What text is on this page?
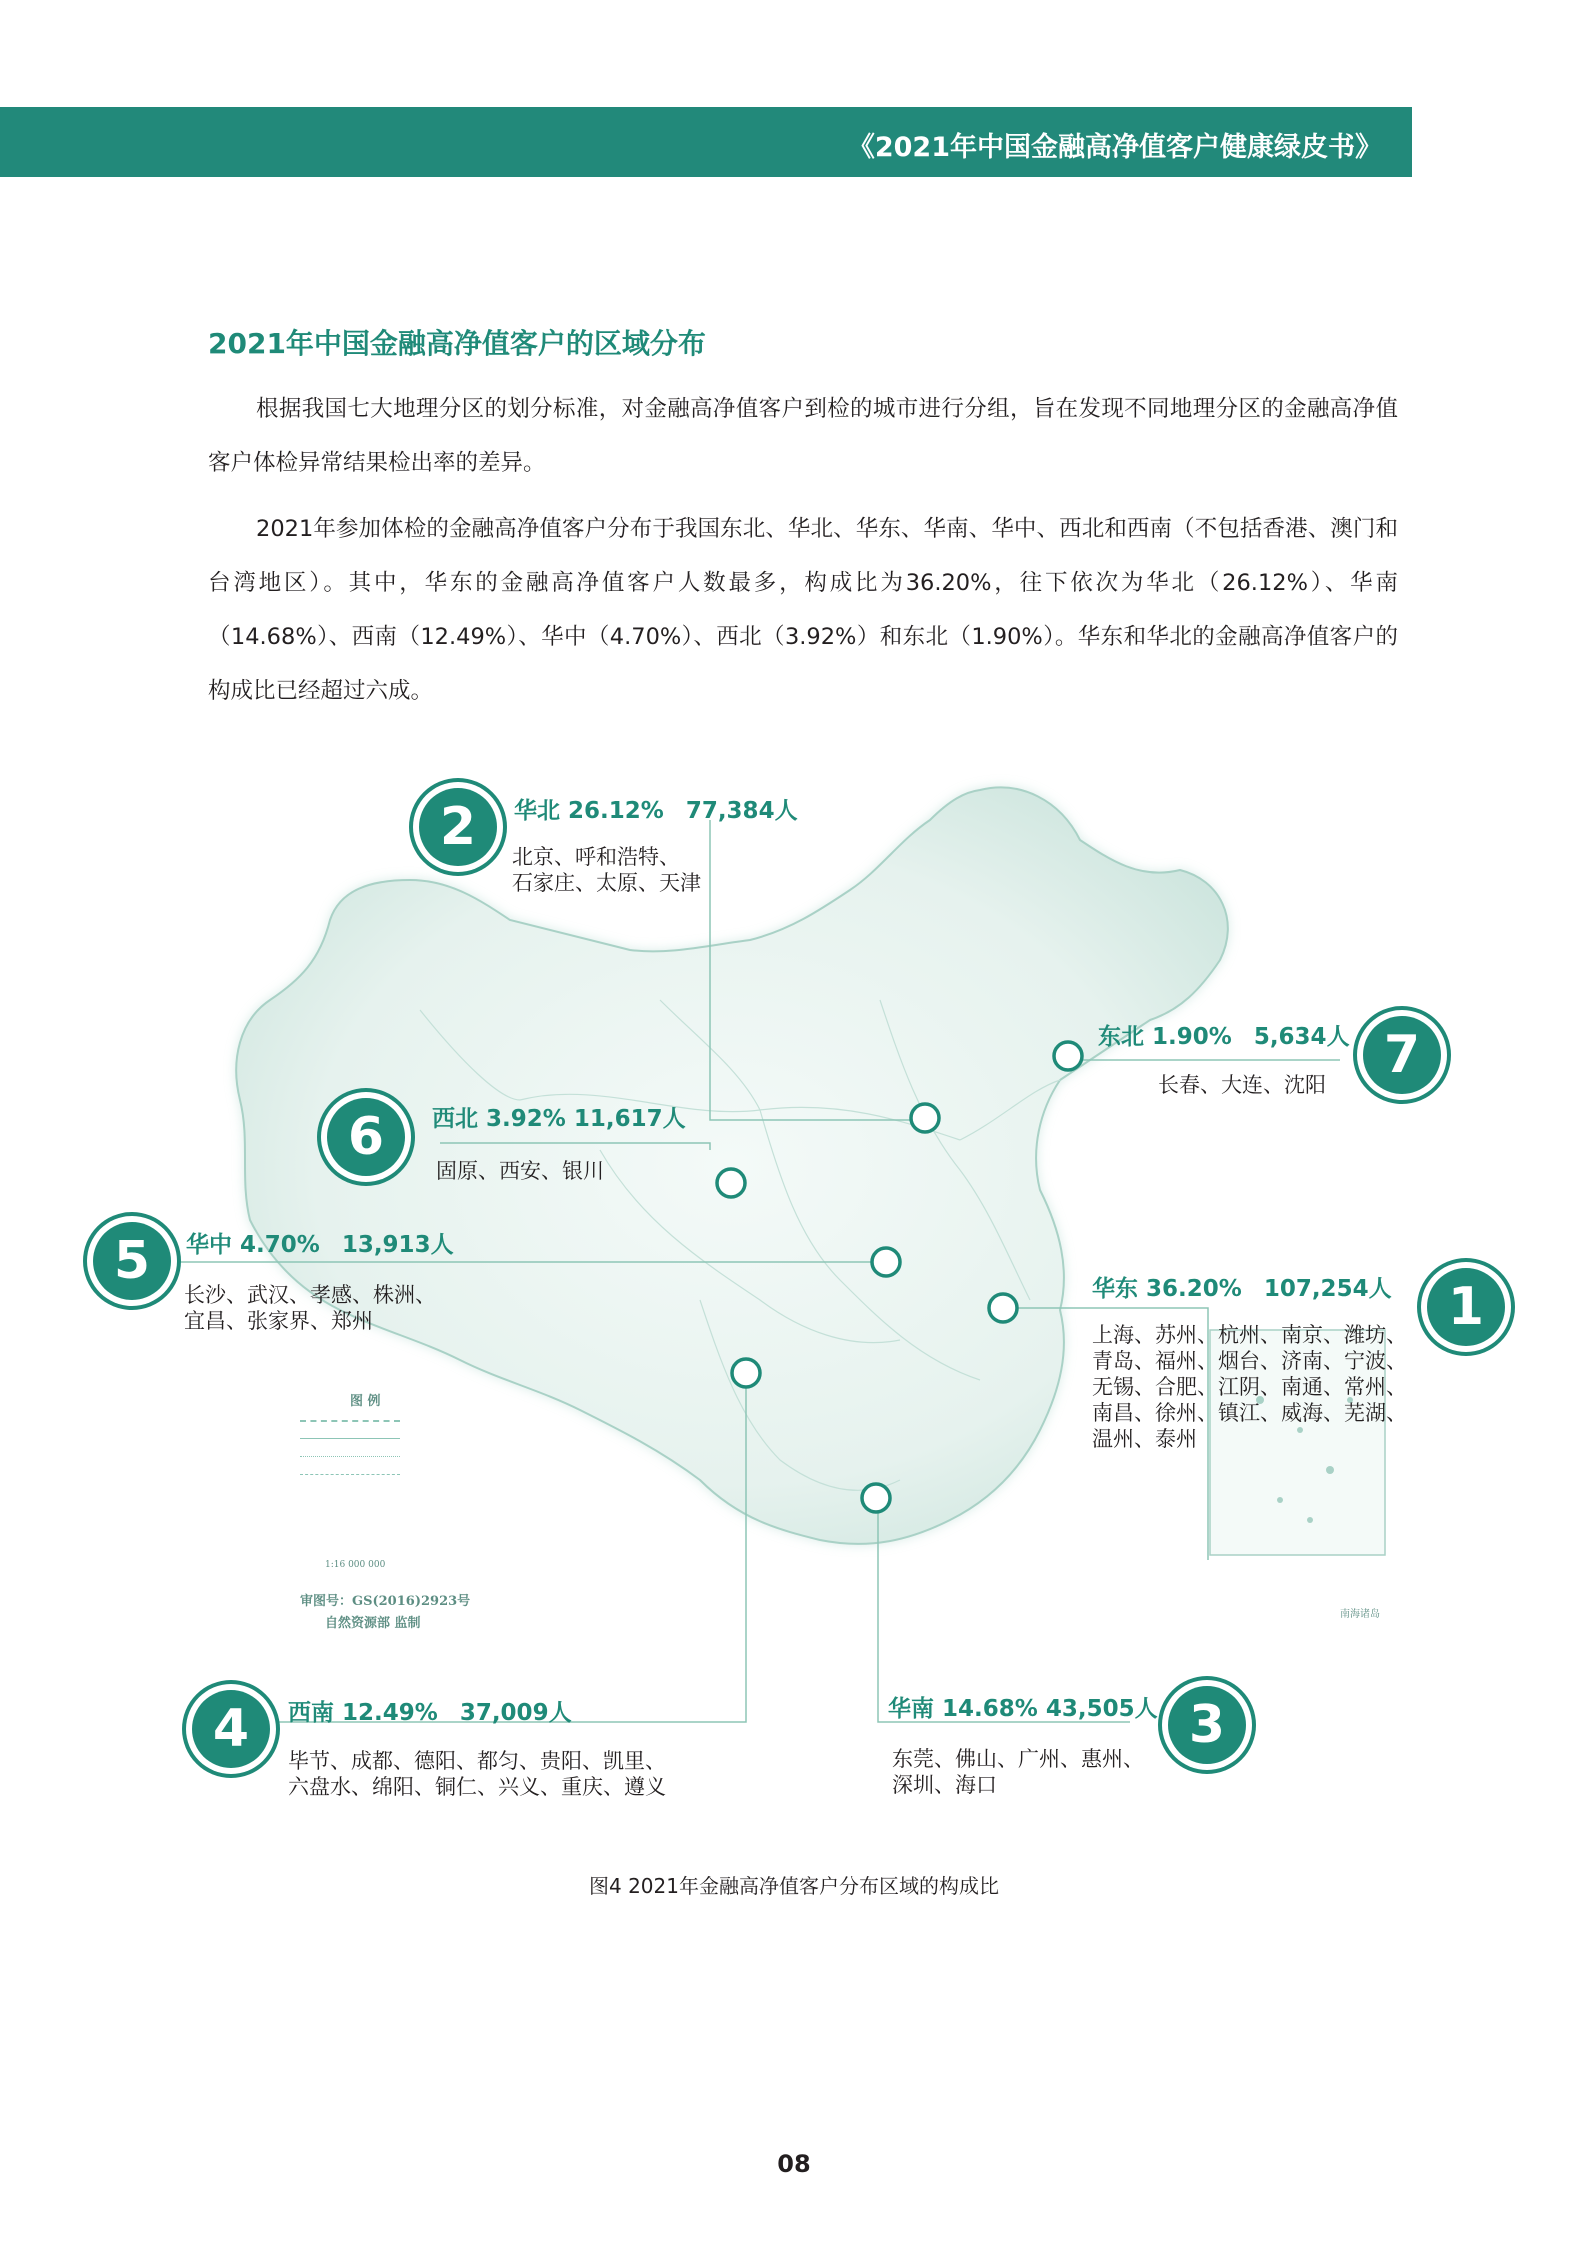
《2021年中国金融高净值客户健康绿皮书》
2021年中国金融高净值客户的区域分布

根据我国七大地理分区的划分标准，对金融高净值客户到检的城市进行分组，旨在发现不同地理分区的金融高净值客户体检异常结果检出率的差异。

2021年参加体检的金融高净值客户分布于我国东北、华北、华东、华南、华中、西北和西南（不包括香港、澳门和台湾地区）。其中，华东的金融高净值客户人数最多，构成比为36.20%，往下依次为华北（26.12%）、华南（14.68%）、西南（12.49%）、华中（4.70%）、西北（3.92%）和东北（1.90%）。华东和华北的金融高净值客户的构成比已经超过六成。

图 例
1:16 000 000
审图号：GS(2016)2923号
自然资源部 监制
南海诸岛
2	华北 26.12% 77,384人

北京、呼和浩特、
石家庄、太原、天津

7
东北 1.90% 5,634人

长春、大连、沈阳

6	西北 3.92% 11,617人

固原、西安、银川

5	华中 4.70% 13,913人

长沙、武汉、孝感、株洲、
宜昌、张家界、郑州	1
华东 36.20% 107,254人

上海、苏州、杭州、南京、潍坊、
青岛、福州、烟台、济南、宁波、
无锡、合肥、江阴、南通、常州、
南昌、徐州、镇江、威海、芜湖、
温州、泰州

4	西南 12.49% 37,009人

毕节、成都、德阳、都匀、贵阳、凯里、
六盘水、绵阳、铜仁、兴义、重庆、遵义

3
华南 14.68% 43,505人

东莞、佛山、广州、惠州、
深圳、海口

图4 2021年金融高净值客户分布区域的构成比
08
